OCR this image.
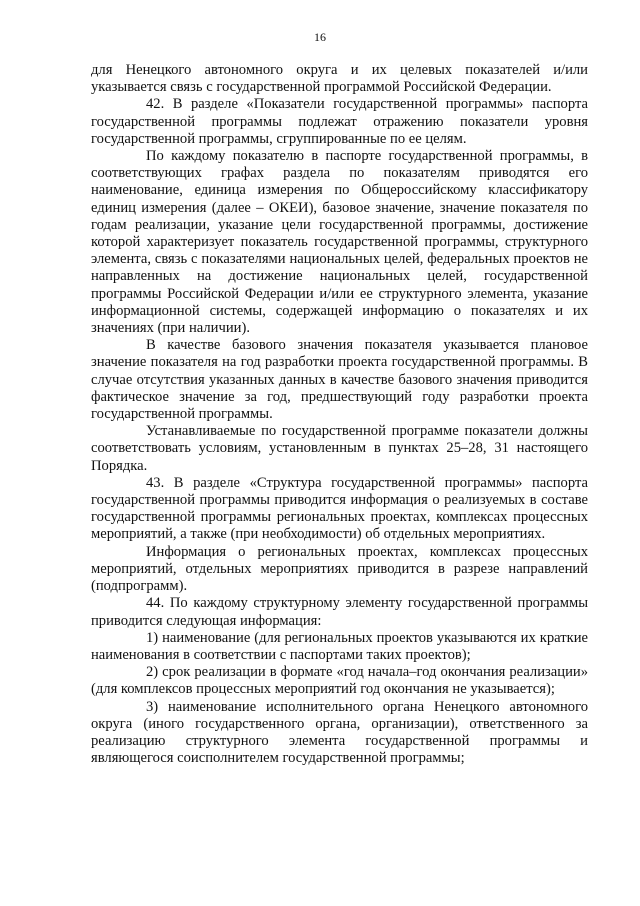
16

для Ненецкого автономного округа и их целевых показателей и/или указывается связь с государственной программой Российской Федерации.

42. В разделе «Показатели государственной программы» паспорта государственной программы подлежат отражению показатели уровня государственной программы, сгруппированные по ее целям.

По каждому показателю в паспорте государственной программы, в соответствующих графах раздела по показателям приводятся его наименование, единица измерения по Общероссийскому классификатору единиц измерения (далее – ОКЕИ), базовое значение, значение показателя по годам реализации, указание цели государственной программы, достижение которой характеризует показатель государственной программы, структурного элемента, связь с показателями национальных целей, федеральных проектов не направленных на достижение национальных целей, государственной программы Российской Федерации и/или ее структурного элемента, указание информационной системы, содержащей информацию о показателях и их значениях (при наличии).

В качестве базового значения показателя указывается плановое значение показателя на год разработки проекта государственной программы. В случае отсутствия указанных данных в качестве базового значения приводится фактическое значение за год, предшествующий году разработки проекта государственной программы.

Устанавливаемые по государственной программе показатели должны соответствовать условиям, установленным в пунктах 25–28, 31 настоящего Порядка.

43. В разделе «Структура государственной программы» паспорта государственной программы приводится информация о реализуемых в составе государственной программы региональных проектах, комплексах процессных мероприятий, а также (при необходимости) об отдельных мероприятиях.

Информация о региональных проектах, комплексах процессных мероприятий, отдельных мероприятиях приводится в разрезе направлений (подпрограмм).

44. По каждому структурному элементу государственной программы приводится следующая информация:

1) наименование (для региональных проектов указываются их краткие наименования в соответствии с паспортами таких проектов);

2) срок реализации в формате «год начала–год окончания реализации» (для комплексов процессных мероприятий год окончания не указывается);

3) наименование исполнительного органа Ненецкого автономного округа (иного государственного органа, организации), ответственного за реализацию структурного элемента государственной программы и являющегося соисполнителем государственной программы;
